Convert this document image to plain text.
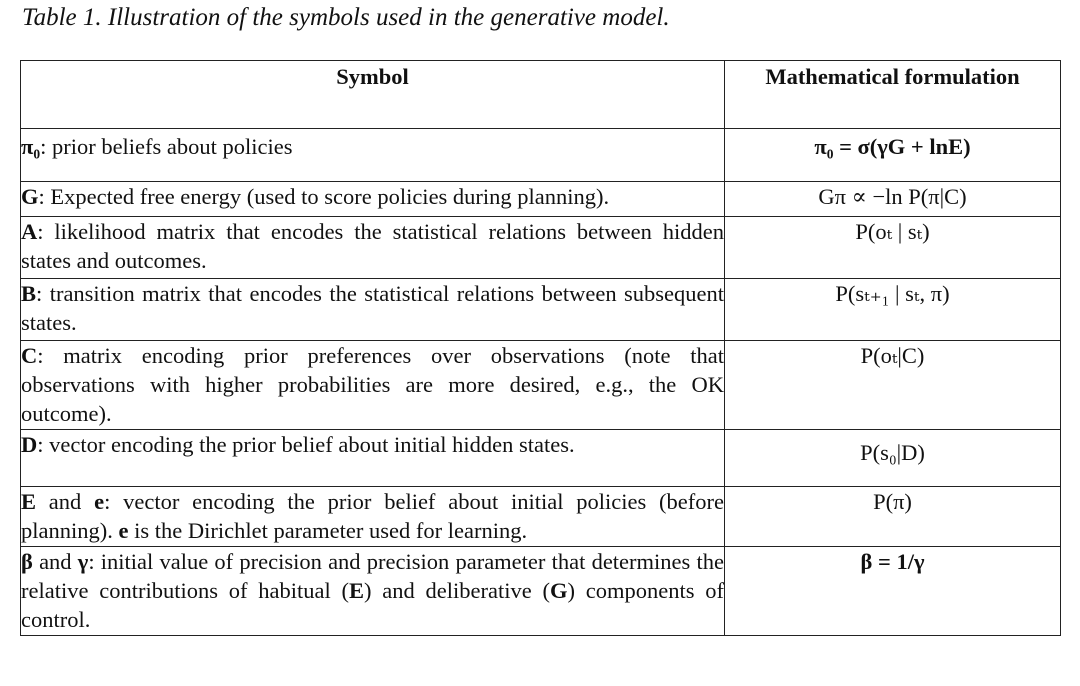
Table 1. Illustration of the symbols used in the generative model.
Symbol	Mathematical formulation
π₀: prior beliefs about policies	π₀ = σ(γG + lnE)
G: Expected free energy (used to score policies during planning).	Gπ ∝ −ln P(π|C)
A: likelihood matrix that encodes the statistical relations between hidden states and outcomes.	P(oₜ | sₜ)
B: transition matrix that encodes the statistical relations between subsequent states.	P(sₜ₊₁ | sₜ, π)
C: matrix encoding prior preferences over observations (note that observations with higher probabilities are more desired, e.g., the OK outcome).	P(oₜ|C)
D: vector encoding the prior belief about initial hidden states.	P(s₀|D)
E and e: vector encoding the prior belief about initial policies (before planning). e is the Dirichlet parameter used for learning.	P(π)
β and γ: initial value of precision and precision parameter that determines the relative contributions of habitual (E) and deliberative (G) components of control.	β = 1/γ
